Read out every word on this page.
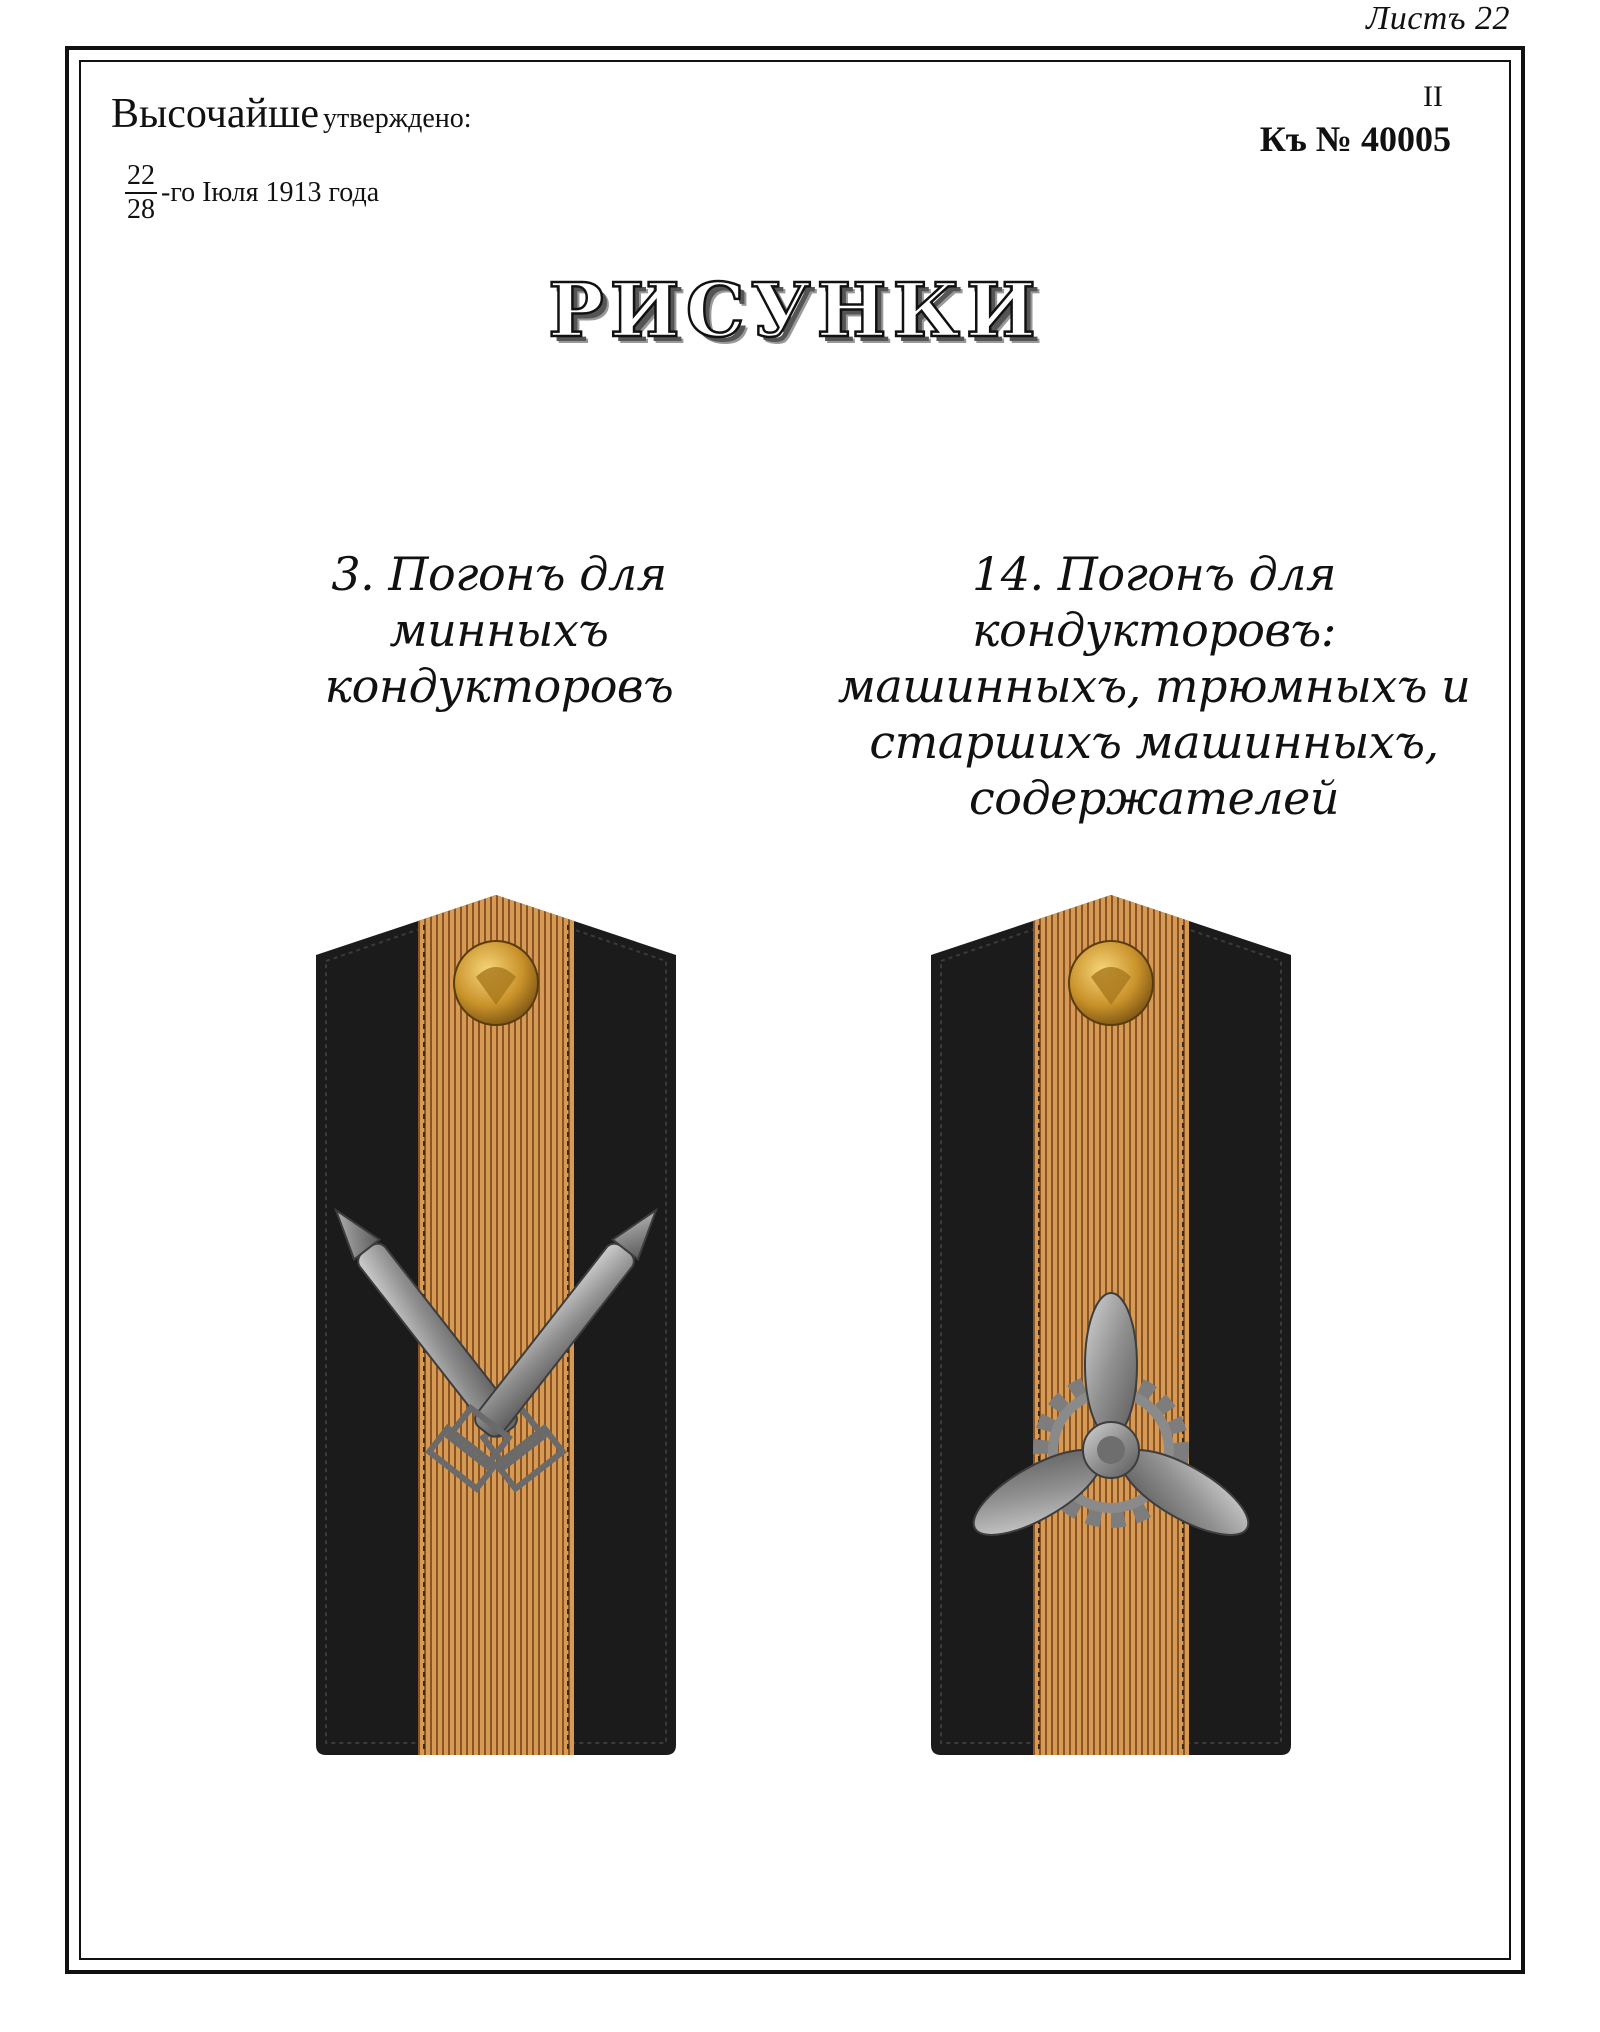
Листъ 22
Высочайше утверждено:
$\frac{22}{28} -го$ Іюля 1913 года
II
Къ № 40005
РИСУНКИ
3. Погонъ для минныхъ
кондукторовъ
14. Погонъ для кондукторовъ:
машинныхъ, трюмныхъ и
старшихъ машинныхъ,
содержателей
